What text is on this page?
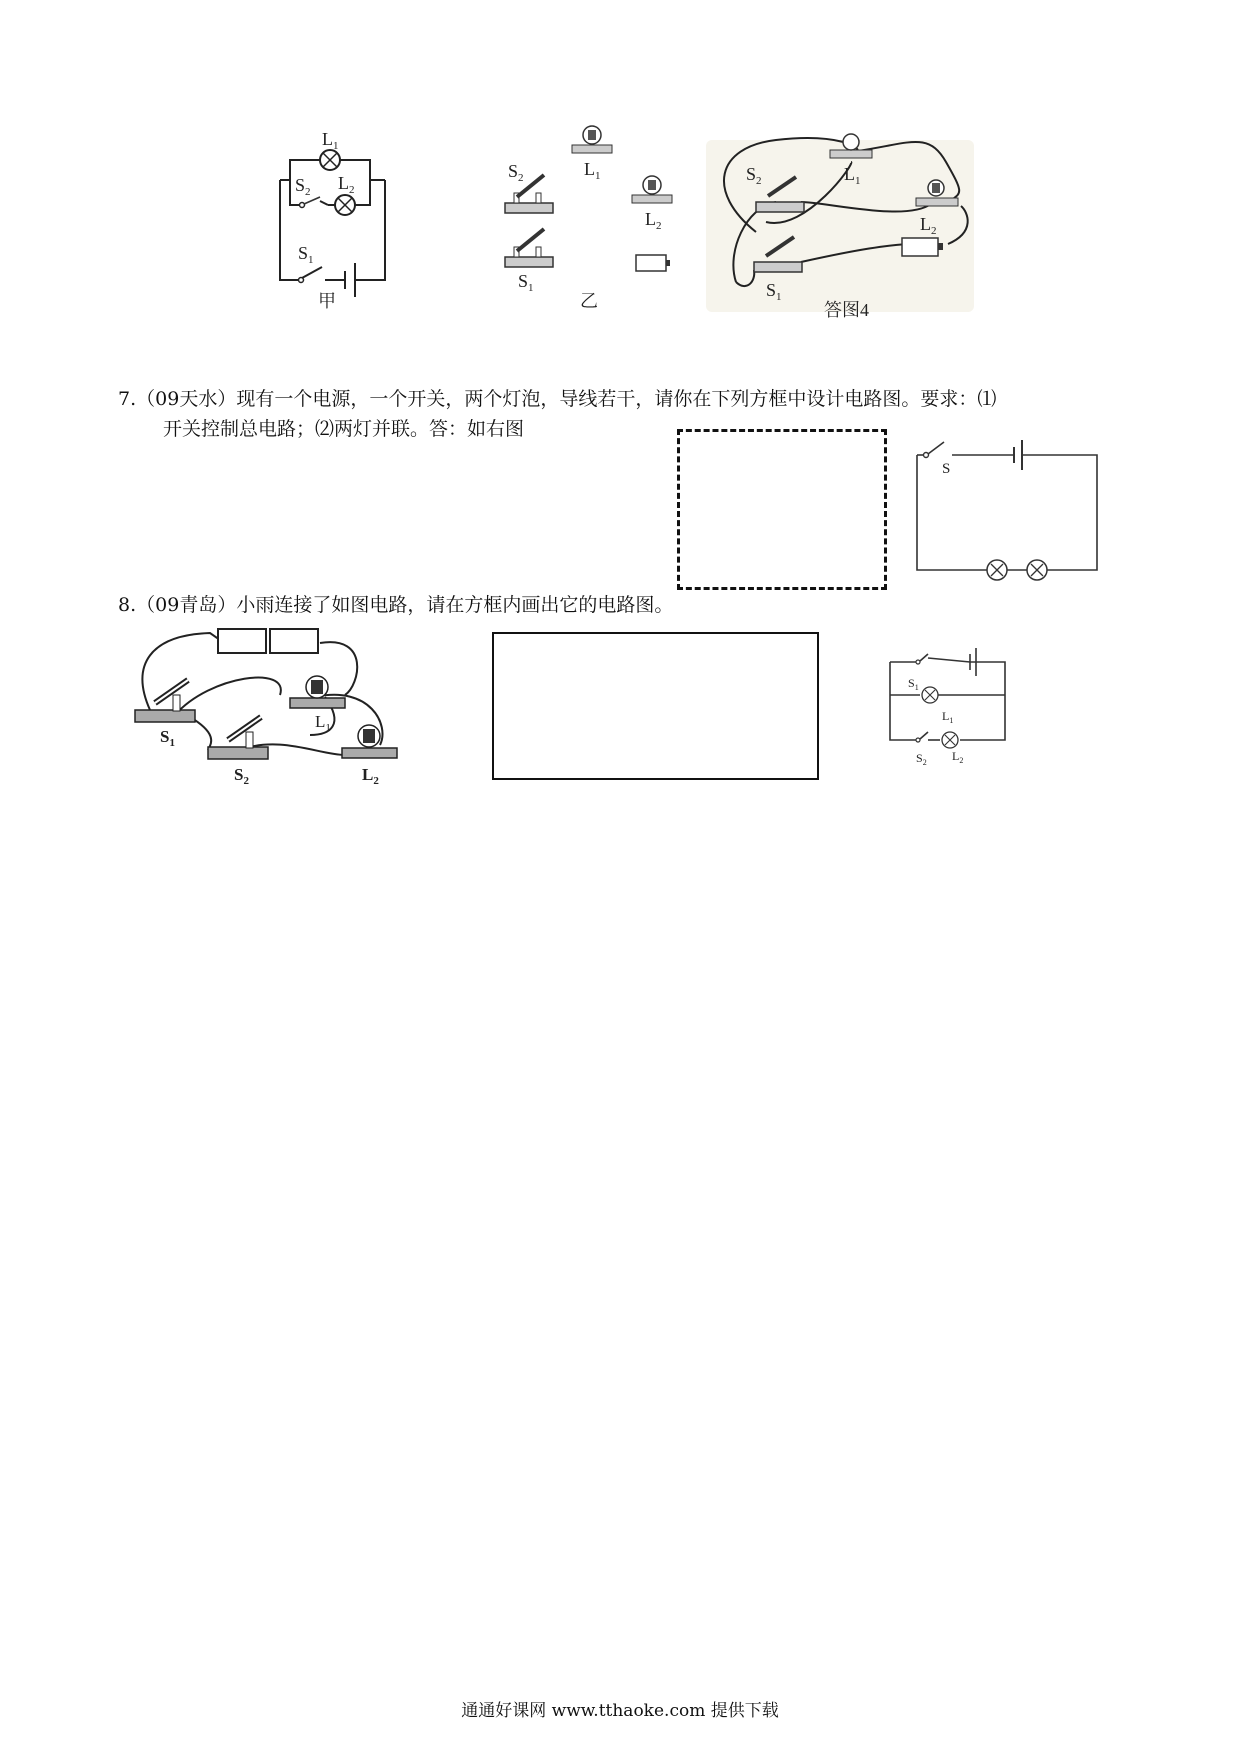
$L_1$
$S_2$ $L_2$
$S_1$
甲
$S_2$	$L_1$
$L_2$
$S_1$
乙
$S_2$	$L_1$
$L_2$
$S_1$
答图4
7.（09天水）现有一个电源，一个开关，两个灯泡，导线若干，请你在下列方框中设计电路图。要求：⑴
开关控制总电路；⑵两灯并联。答：如右图
S
8.（09青岛）小雨连接了如图电路，请在方框内画出它的电路图。
$S_1$
$S_2$
$L_1$
$L_2$
$S_1$
$L_1$
$S_2$ $L_2$
通通好课网 www.tthaoke.com 提供下载
